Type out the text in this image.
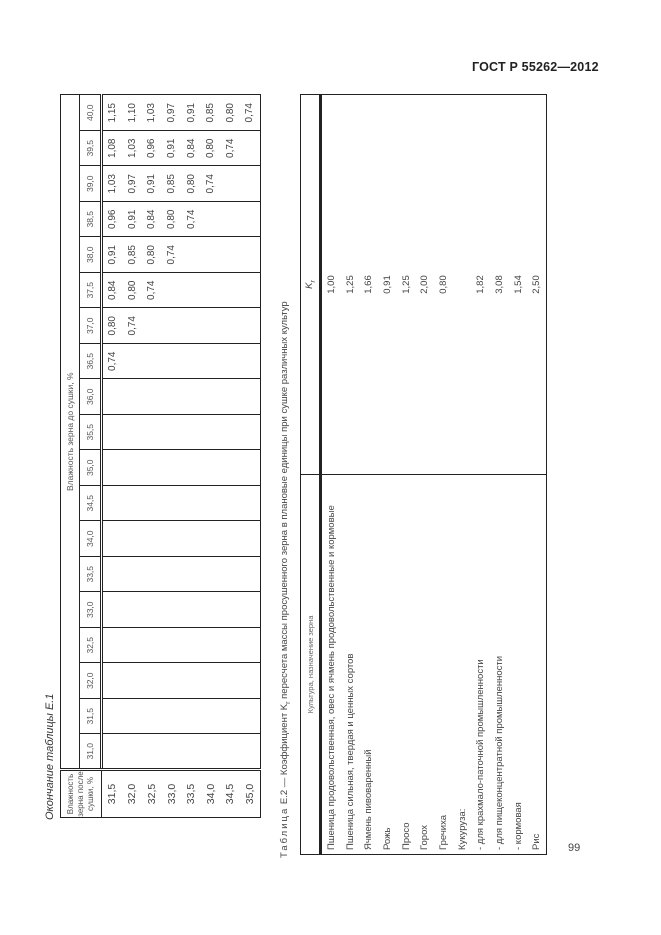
ГОСТ Р 55262—2012
Окончание таблицы Е.1 Влажность зерна после сушки, %	Влажность зерна до сушки, %																		
	31,0	31,5	32,0	32,5	33,0	33,5	34,0	34,5	35,0	35,5	36,0	36,5	37,0	37,5	38,0	38,5	39,0	39,5	40,0
31,5												0,74	0,80	0,84	0,91	0,96	1,03	1,08	1,15
32,0													0,74	0,80	0,85	0,91	0,97	1,03	1,10
32,5														0,74	0,80	0,84	0,91	0,96	1,03
33,0															0,74	0,80	0,85	0,91	0,97
33,5																0,74	0,80	0,84	0,91
34,0																	0,74	0,80	0,85
34,5																		0,74	0,80
35,0																			0,74
Таблица Е.2 — Коэффициент $K_r$ пересчета массы просушенного зерна в плановые единицы при сушке различных культур Культура, назначение зерна	$K_r$
Пшеница продовольственная, овес и ячмень продовольственные и кормовые	1,00
Пшеница сильная, твердая и ценных сортов	1,25
Ячмень пивоваренный	1,66
Рожь	0,91
Просо	1,25
Горох	2,00
Гречиха	0,80
Кукуруза:	
- для крахмало-паточной промышленности	1,82
- для пищеконцентратной промышленности	3,08
- кормовая	1,54
Рис	2,50
99
